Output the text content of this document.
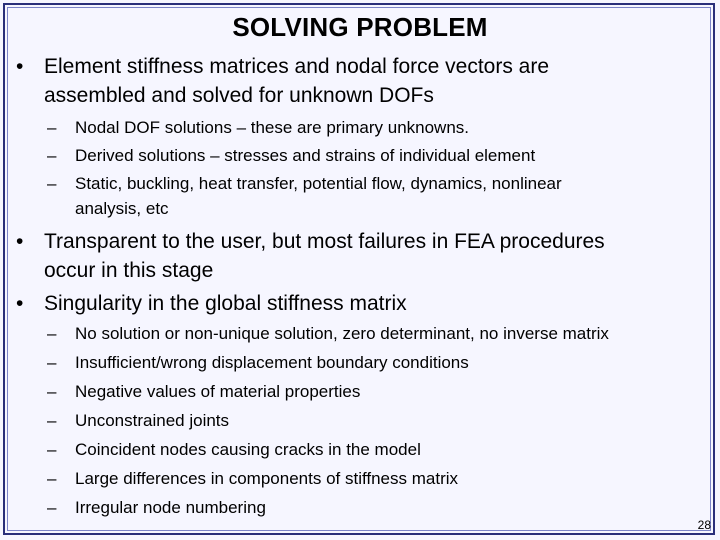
SOLVING PROBLEM
• Element stiffness matrices and nodal force vectors are
assembled and solved for unknown DOFs
– Nodal DOF solutions – these are primary unknowns.
– Derived solutions – stresses and strains of individual element
– Static, buckling, heat transfer, potential flow, dynamics, nonlinear
analysis, etc
• Transparent to the user, but most failures in FEA procedures
occur in this stage
• Singularity in the global stiffness matrix
– No solution or non-unique solution, zero determinant, no inverse matrix
– Insufficient/wrong displacement boundary conditions
– Negative values of material properties
– Unconstrained joints
– Coincident nodes causing cracks in the model
– Large differences in components of stiffness matrix
– Irregular node numbering
28
